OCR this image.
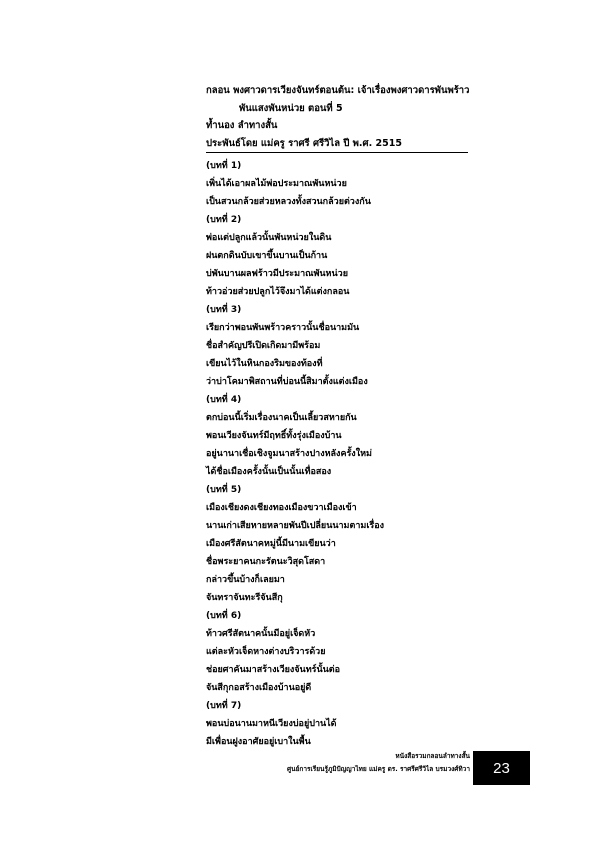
กลอน พงศาวดารเวียงจันทร์ตอนต้น: เจ้าเรื่องพงศาวดารพันพร้าว
พันแสงพันหน่วย ตอนที่ 5
ท้ำนอง ลำทางสั้น
ประพันธ์โดย แม่ครู ราศรี ศรีวิไล ปี พ.ศ. 2515
(บทที่ 1)
เพิ่นได้เอาผลไม้พ่อประมาณพันหน่วย
เป็นสวนกล้วยส่วยหลวงทั้งสวนกล้วยต่วงกัน
(บทที่ 2)
พ่อแต่ปลูกแล้วนั้นพันหน่วยในดิน
ฝนตกดินบับเขาขึ้นบานเป็นก้าน
บ่พันบานผลฟร้าวมีประมาณพันหน่วย
ท้าวอ่วยส่วยปลูกไว้จึงมาได้แต่งกลอน
(บทที่ 3)
เรียกว่าพอนพันพร้าวคราวนั้นชื่อนามมัน
ชื่อสำคัญปรีเปิดเกิดมามีพร้อม
เขียนไว้ในหินกองริมของท้องที่
ว่าบ่าโคมาพิสถานที่บ่อนนี้สิมาตั้งแต่งเมือง
(บทที่ 4)
ตกบ่อนนี้เริ่มเรื่องนาคเป็นเลี้ยวสหายกัน
พอนเวียงจันทร์มีฤทธิ์ทั้งรุ่งเมืองบ้าน
อยู่นานาเชื่อเชิงจูมนาสร้างปางหลังครั้งใหม่
ได้ชื่อเมืองครั้งนั้นเป็นนั้นเทื่อสอง
(บทที่ 5)
เมืองเชียงดงเชียงทองเมืองขวาเมืองเข้า
นานเก่าเสียหายหลายพันปีเปลี่ยนนามตามเรื่อง
เมืองศรีสัตนาคหมู่นี้มีนามเขียนว่า
ชื่อพระยาคนกะรัตนะวิสุดโสดา
กล่าวขึ้นบ้างก็เลยมา
จันทราจันทะรีจันสีกุ
(บทที่ 6)
ท้าวศรีสัตนาคนั้นมีอยู่เจ็ดหัว
แต่ละหัวเจ็ดหางต่างบริวารด้วย
ช่อยศาคันมาสร้างเวียงจันทร์นั้นต่อ
จันสีกุกอสร้างเมืองบ้านอยู่ดี
(บทที่ 7)
พอนบ่อนานมาหนีเวียงบ่อยู่ปานได้
มีเพื่อนฝูงอาศัยอยู่เบาในพื้น
หนังสือรวมกลอนลำทางสั้น
ศูนย์การเรียนรู้ภูมิปัญญาไทย แม่ครู ดร. ราศรีศรีวิไล บรมวงศ์ทิวา 23
